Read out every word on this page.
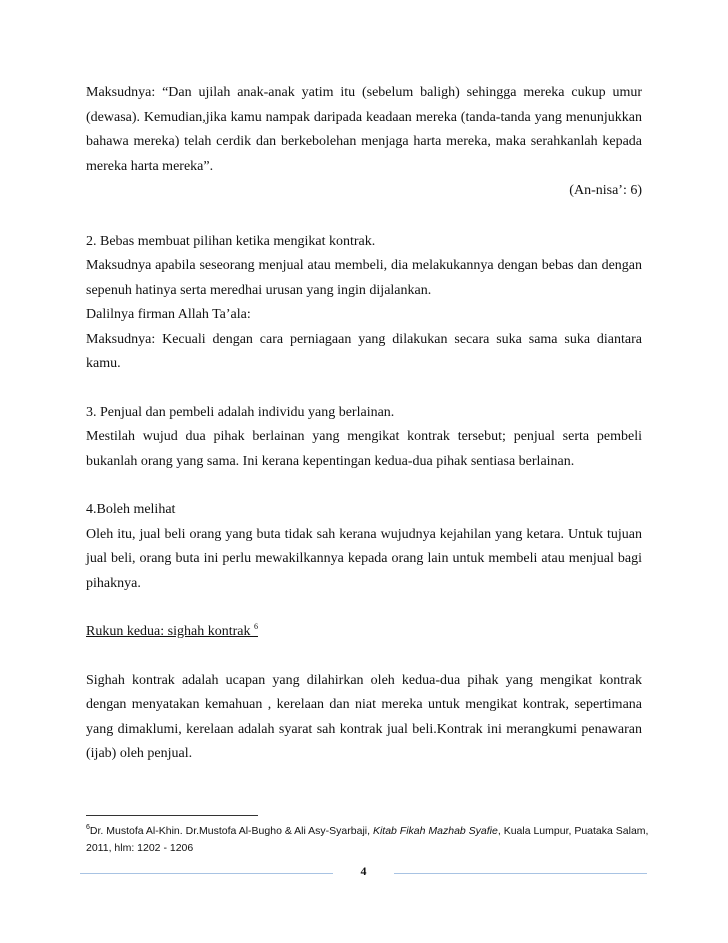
Maksudnya: “Dan ujilah anak-anak yatim itu (sebelum baligh) sehingga mereka cukup umur (dewasa). Kemudian,jika kamu nampak daripada keadaan mereka (tanda-tanda yang menunjukkan bahawa mereka) telah cerdik dan berkebolehan menjaga harta mereka, maka serahkanlah kepada mereka harta mereka”.

(An-nisa’: 6)

2. Bebas membuat pilihan ketika mengikat kontrak.

Maksudnya apabila seseorang menjual atau membeli, dia melakukannya dengan bebas dan dengan sepenuh hatinya serta meredhai urusan yang ingin dijalankan.

Dalilnya firman Allah Ta’ala:

Maksudnya: Kecuali dengan cara perniagaan yang dilakukan secara suka sama suka diantara kamu.

3. Penjual dan pembeli adalah individu yang berlainan.

Mestilah wujud dua pihak berlainan yang mengikat kontrak tersebut; penjual serta pembeli bukanlah orang yang sama. Ini kerana kepentingan kedua-dua pihak sentiasa berlainan.

4.Boleh melihat

Oleh itu, jual beli orang yang buta tidak sah kerana wujudnya kejahilan yang ketara. Untuk tujuan jual beli, orang buta ini perlu mewakilkannya kepada orang lain untuk membeli atau menjual bagi pihaknya.

Rukun kedua: sighah kontrak $^6$

Sighah kontrak adalah ucapan yang dilahirkan oleh kedua-dua pihak yang mengikat kontrak dengan menyatakan kemahuan , kerelaan dan niat mereka untuk mengikat kontrak, sepertimana yang dimaklumi, kerelaan adalah syarat sah kontrak jual beli.Kontrak ini merangkumi penawaran (ijab) oleh penjual.

$^6$Dr. Mustofa Al-Khin. Dr.Mustofa Al-Bugho & Ali Asy-Syarbaji, Kitab Fikah Mazhab Syafie, Kuala Lumpur, Puataka Salam, 2011, hlm: 1202 - 1206
4
